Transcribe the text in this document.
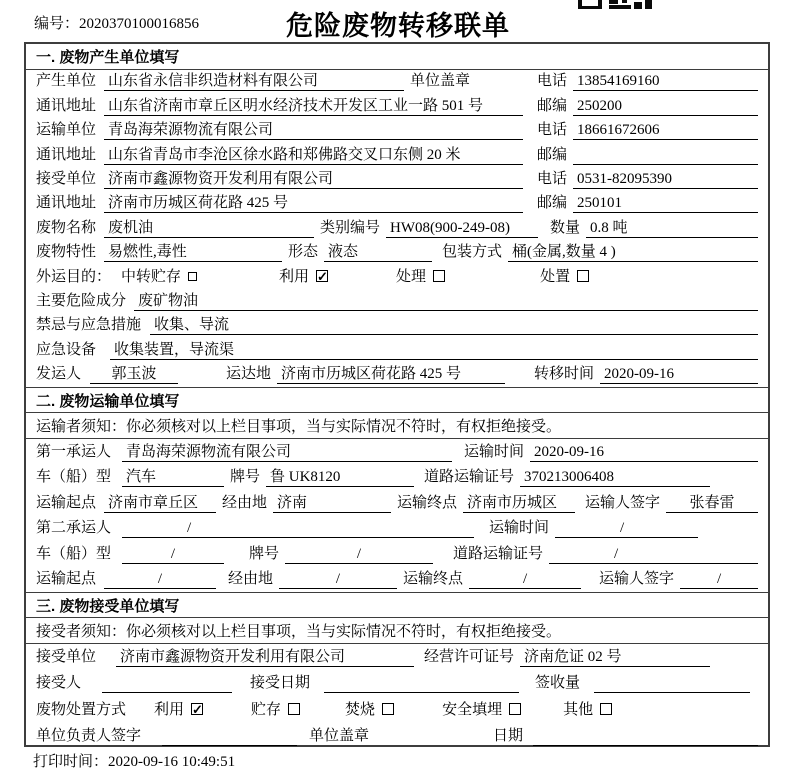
编号：2020370100016856	危险废物转移联单
一. 废物产生单位填写
产生单位 山东省永信非织造材料有限公司	单位盖章	电话 13854169160
通讯地址 山东省济南市章丘区明水经济技术开发区工业一路 501 号	邮编 250200
运输单位 青岛海荣源物流有限公司	电话 18661672606
通讯地址 山东省青岛市李沧区徐水路和郑佛路交叉口东侧 20 米	邮编
接受单位 济南市鑫源物资开发利用有限公司	电话 0531-82095390
通讯地址 济南市历城区荷花路 425 号	邮编 250101
废物名称 废机油	类别编号 HW08(900-249-08)	数量 0.8 吨
废物特性 易燃性,毒性	形态 液态	包装方式 桶(金属,数量 4 )
外运目的： 中转贮存	利用 ✓	处理	处置
主要危险成分 废矿物油
禁忌与应急措施 收集、导流
应急设备 收集装置，导流渠
发运人	郭玉波	运达地 济南市历城区荷花路 425 号	转移时间 2020-09-16
二. 废物运输单位填写
运输者须知：你必须核对以上栏目事项，当与实际情况不符时，有权拒绝接受。
第一承运人 青岛海荣源物流有限公司	运输时间 2020-09-16
车（船）型 汽车	牌号 鲁 UK8120	道路运输证号 370213006408
运输起点 济南市章丘区	经由地 济南	运输终点 济南市历城区	运输人签字	张春雷
第二承运人	/	运输时间	/
车（船）型	/	牌号	/	道路运输证号	/
运输起点	/	经由地	/	运输终点	/	运输人签字	/
三. 废物接受单位填写
接受者须知：你必须核对以上栏目事项，当与实际情况不符时，有权拒绝接受。
接受单位 济南市鑫源物资开发利用有限公司	经营许可证号 济南危证 02 号
接受人	接受日期	签收量
废物处置方式 利用 ✓	贮存	焚烧	安全填埋	其他
单位负责人签字	单位盖章	日期
打印时间：2020-09-16 10:49:51
